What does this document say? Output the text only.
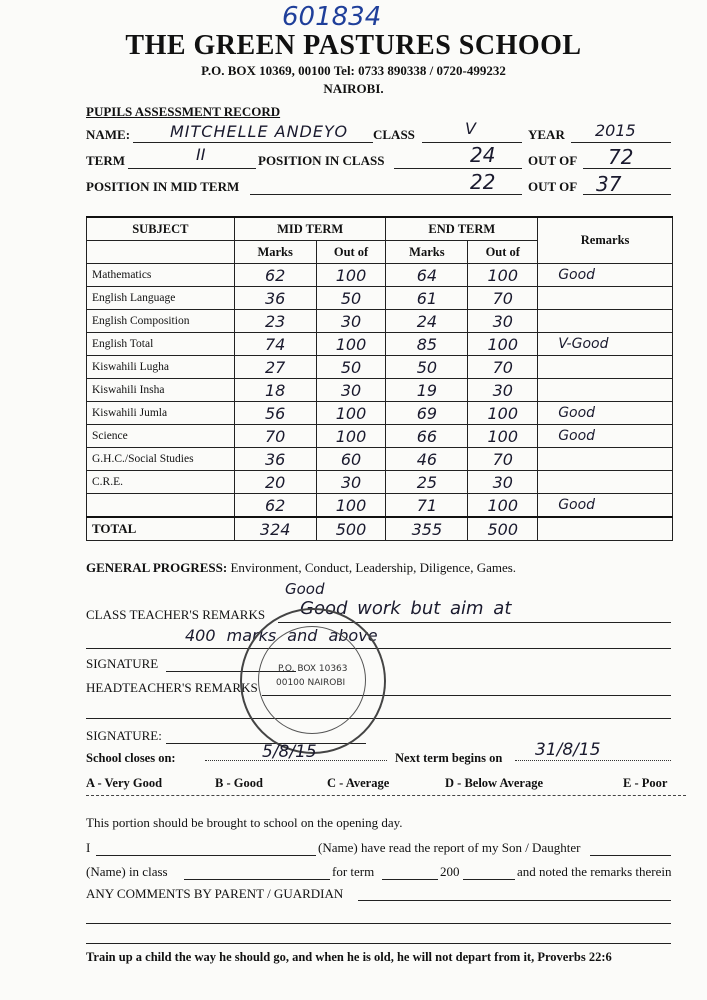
601834
THE GREEN PASTURES SCHOOL
P.O. BOX 10369, 00100 Tel: 0733 890338 / 0720-499232
NAIROBI.
PUPILS ASSESSMENT RECORD
NAME: MITCHELLE ANDEYO CLASS	V	YEAR 2015
TERM	II	POSITION IN CLASS	24	OUT OF 72
POSITION IN MID TERM	22	OUT OF 37
SUBJECT	MID TERM		END TERM		Remarks
	Marks	Out of	Marks	Out of	
Mathematics	62	100	64	100	Good
English Language	36	50	61	70	
English Composition	23	30	24	30	
English Total	74	100	85	100	V-Good
Kiswahili Lugha	27	50	50	70	
Kiswahili Insha	18	30	19	30	
Kiswahili Jumla	56	100	69	100	Good
Science	70	100	66	100	Good
G.H.C./Social Studies	36	60	46	70	
C.R.E.	20	30	25	30	
	62	100	71	100	Good
TOTAL	324	500	355	500	
GENERAL PROGRESS: Environment, Conduct, Leadership, Diligence, Games.
Good
CLASS TEACHER'S REMARKS Good work but aim at
400 marks and above
SIGNATURE
HEADTEACHER'S REMARKS
SIGNATURE:
P.O. BOX 10363
00100 NAIROBI
School closes on:	5/8/15	Next term begins on 31/8/15
A - Very Good	B - Good	C - Average	D - Below Average	E - Poor
This portion should be brought to school on the opening day.
I	(Name) have read the report of my Son / Daughter
(Name) in class	for term	200	and noted the remarks therein
ANY COMMENTS BY PARENT / GUARDIAN
Train up a child the way he should go, and when he is old, he will not depart from it, Proverbs 22:6
